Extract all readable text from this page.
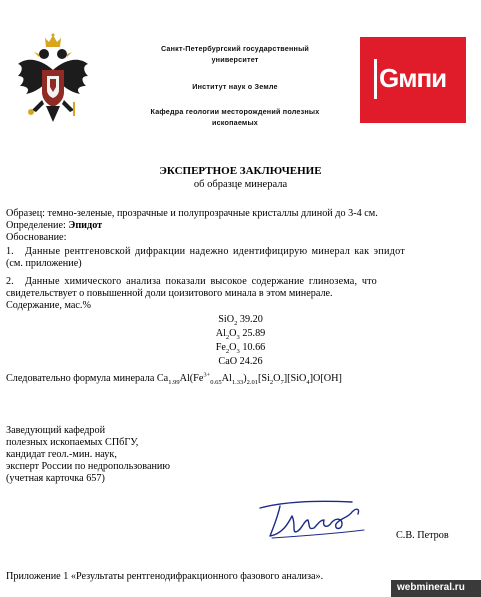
Санкт-Петербургский государственный
университет
Институт наук о Земле
Кафедра геологии месторождений полезных
ископаемых
Gмпи
ЭКСПЕРТНОЕ ЗАКЛЮЧЕНИЕ
об образце минерала
Образец: темно-зеленые, прозрачные и полупрозрачные кристаллы длиной до 3-4 см.
Определение: Эпидот
Обоснование:
1. Данные рентгеновской дифракции надежно идентифицирую минерал как эпидот
(см. приложение)
2. Данные химического анализа показали высокое содержание глинозема, что
свидетельствует о повышенной доли цоизитового минала в этом минерале.
Содержание, мас.%
SiO$_2$ 39.20
$Al_2O_3$ 25.89
$Fe_2O_3$ 10.66
CaO 24.26
Следовательно формула минерала $Ca_{1.99}Al(Fe^{3+}_{0.65}Al_{1.33})_{2.01}[Si_2O_7][SiO_4]O[OH]$
Заведующий кафедрой
полезных ископаемых СПбГУ,
кандидат геол.-мин. наук,
эксперт России по недропользованию
(учетная карточка 657)
С.В. Петров
Приложение 1 «Результаты рентгенодифракционного фазового анализа».
webmineral.ru
